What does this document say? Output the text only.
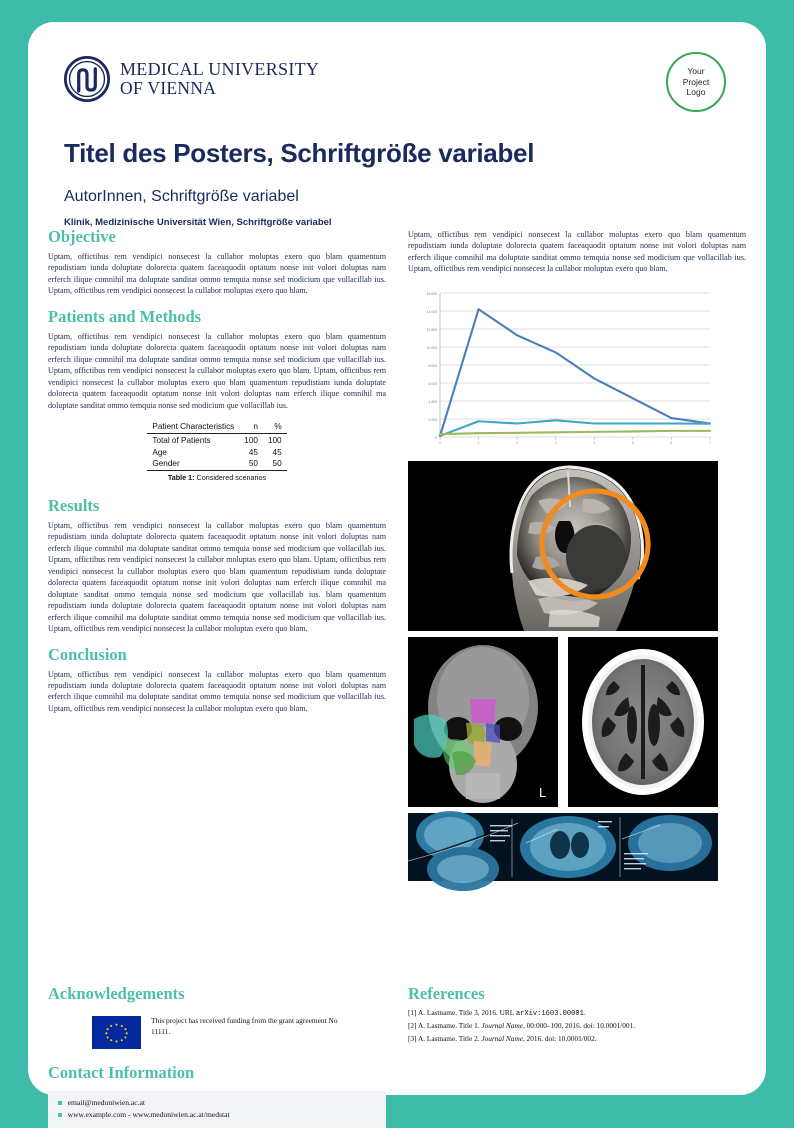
MEDICAL UNIVERSITY
OF VIENNA
Your
Project
Logo
Titel des Posters, Schriftgröße variabel
AutorInnen, Schriftgröße variabel
Klinik, Medizinische Universität Wien, Schriftgröße variabel
Objective

Uptam, offictibus rem vendipici nonsecest la cullabor moluptas exero quo blam quamentum repudistiam iunda doluptate dolorecta quatem faceaquodit optatum nonse init volori doluptas nam erferch ilique comnihil ma doluptate sanditat ommo temquia nonse sed modicium que vollacillab ius. Uptam, offictibus rem vendipici nonsecest la cullabor moluptas exero quo blam.

Patients and Methods

Uptam, offictibus rem vendipici nonsecest la cullabor moluptas exero quo blam quamentum repudistiam iunda doluptate dolorecta quatem faceaquodit optatum nonse init volori doluptas nam erferch ilique comnihil ma doluptate sanditat ommo temquia nonse sed modicium que vollacillab ius. Uptam, offictibus rem vendipici nonsecest la cullabor moluptas exero quo blam. Uptam, offictibus rem vendipici nonsecest la cullabor moluptas exero quo blam quamentum repudistiam iunda doluptate dolorecta quatem faceaquodit optatum nonse init volori doluptas nam erferch ilique comnihil ma doluptate sanditat ommo temquia nonse sed modicium que vollacillab ius.

Patient Characteristics	n	%
Total of Patients	100	100
Age	45	45
Gender	50	50
Table 1: Considered scenarios
Results

Uptam, offictibus rem vendipici nonsecest la cullabor moluptas exero quo blam quamentum repudistiam iunda doluptate dolorecta quatem faceaquodit optatum nonse init volori doluptas nam erferch ilique comnihil ma doluptate sanditat ommo temquia nonse sed modicium que vollacillab ius. Uptam, offictibus rem vendipici nonsecest la cullabor moluptas exero quo blam. Uptam, offictibus rem vendipici nonsecest la cullabor moluptas exero quo blam quamentum repudistiam iunda doluptate dolorecta quatem faceaquodit optatum nonse init volori doluptas nam erferch ilique comnihil ma doluptate sanditat ommo temquia nonse sed modicium que vollacillab ius. blam quamentum repudistiam iunda doluptate dolorecta quatem faceaquodit optatum nonse init volori doluptas nam erferch ilique comnihil ma doluptate sanditat ommo temquia nonse sed modicium que vollacillab ius. Uptam, offictibus rem vendipici nonsecest la cullabor moluptas exero quo blam.

Conclusion

Uptam, offictibus rem vendipici nonsecest la cullabor moluptas exero quo blam quamentum repudistiam iunda doluptate dolorecta quatem faceaquodit optatum nonse init volori doluptas nam erferch ilique comnihil ma doluptate sanditat ommo temquia nonse sed modicium que vollacillab ius. Uptam, offictibus rem vendipici nonsecest la cullabor moluptas exero quo blam.

Uptam, offictibus rem vendipici nonsecest la cullabor moluptas exero quo blam quamentum repudistiam iunda doluptate dolorecta quatem faceaquodit optatum nonse init volori doluptas nam erferch ilique comnihil ma doluptate sanditat ommo temquia nonse sed modicium que vollacillab ius. Uptam, offictibus rem vendipici nonsecest la cullabor moluptas exero quo blam.

0
2.000
4.000
6.000
8.000
10.000
12.000
14.000
16.000
0	1	2	3	4	5	6	7
L
Acknowledgements
This project has received funding from the grant agreement No 11111.
Contact Information
email@meduniwien.ac.at
www.example.com - www.meduniwien.ac.at/medstat
References
[1] A. Lastname. Title 3, 2016. URL arXiv:1603.00001.
[2] A. Lastname. Title 1. Journal Name, 00:000–100, 2016. doi: 10.0001/001.
[3] A. Lastname. Title 2. Journal Name, 2016. doi: 10.0001/002.
